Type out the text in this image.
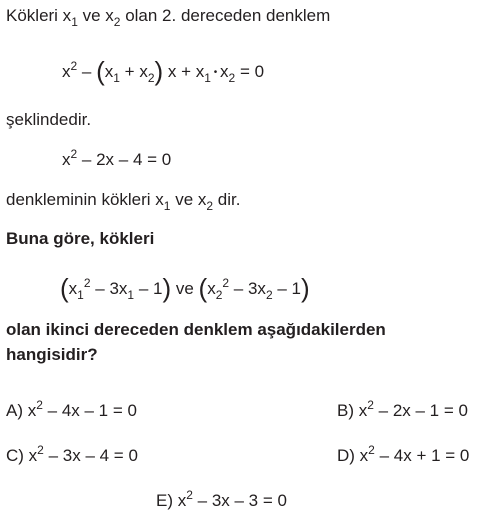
Kökleri $x_1$ ve $x_2$ olan 2. dereceden denklem
$x^2 - (x_1 + x_2) x + x_1$ • $x_2 = 0$
şeklindedir.
$x^2 - 2x - 4 = 0$
denkleminin kökleri $x_1$ ve $x_2$ dir.
Buna göre, kökleri
$(x_1^2 - 3x_1 - 1)$ ve $(x_2^2 - 3x_2 - 1)$
olan ikinci dereceden denklem aşağıdakilerden
hangisidir?
A) $x^2 - 4x - 1 = 0$	B) $x^2 - 2x - 1 = 0$
C) $x^2 - 3x - 4 = 0$	D) $x^2 - 4x + 1 = 0$
E) $x^2 - 3x - 3 = 0$
